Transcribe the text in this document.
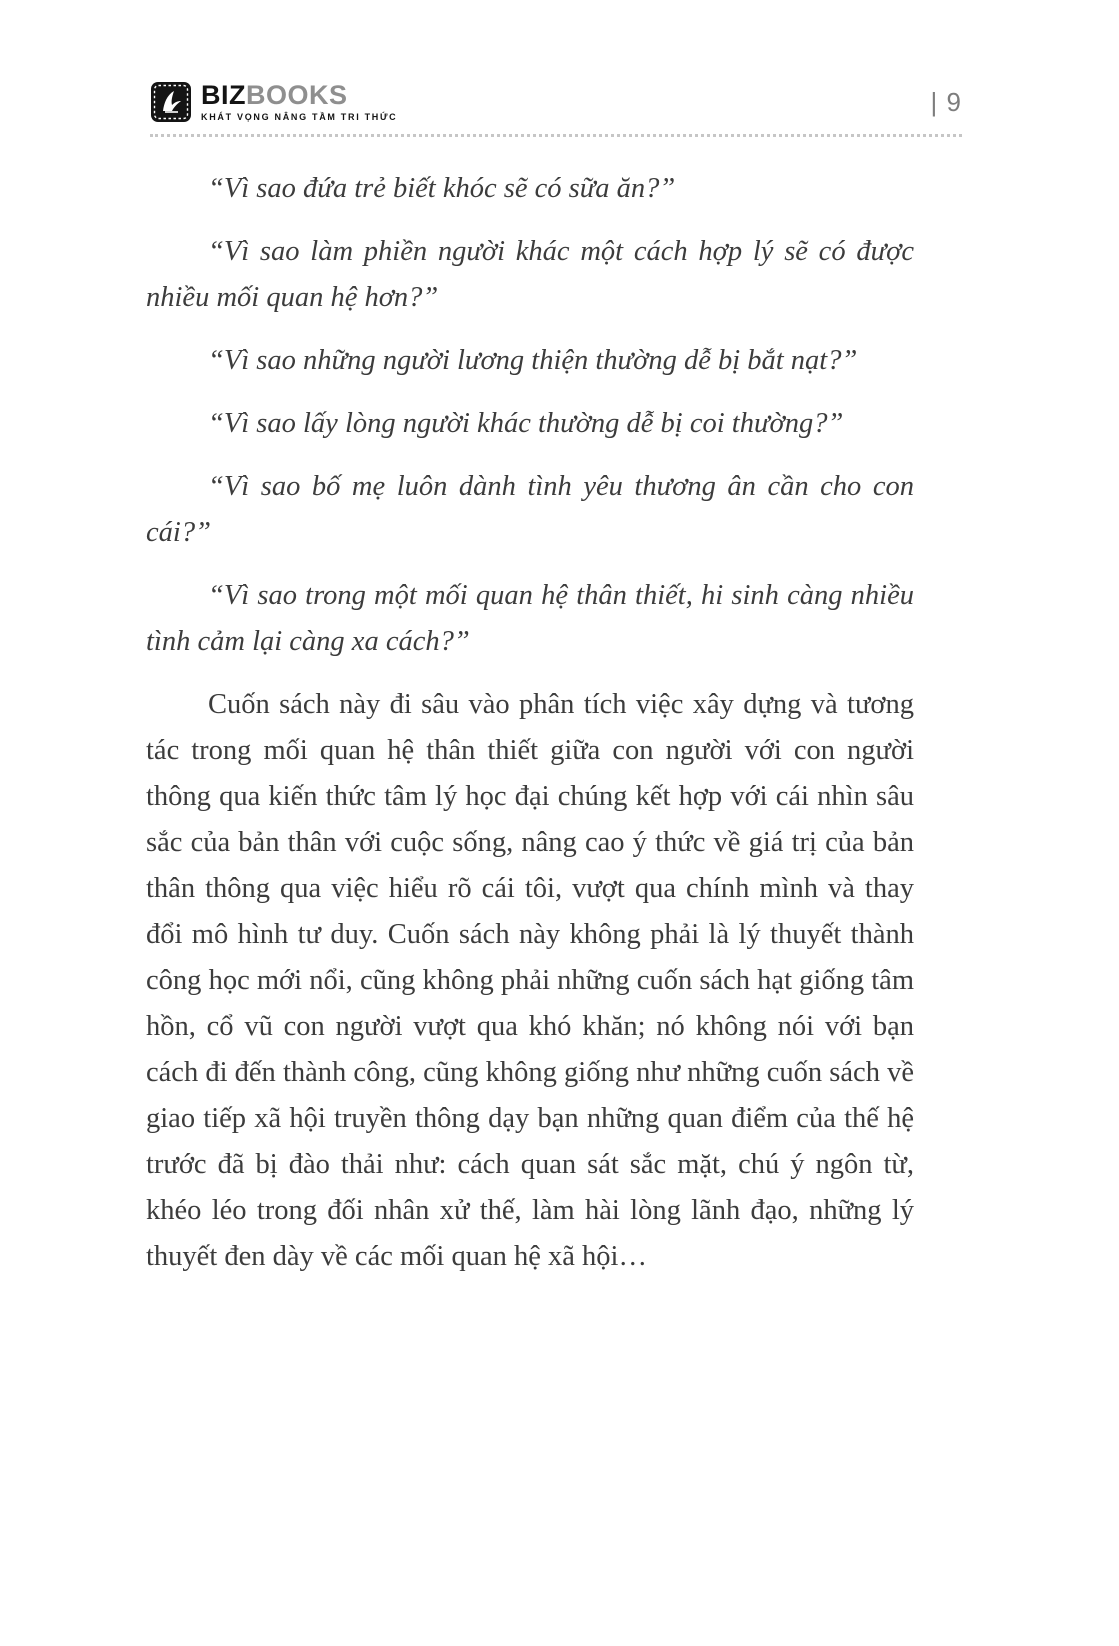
BIZBOOKS
KHÁT VỌNG NÂNG TẦM TRI THỨC
| 9

“Vì sao đứa trẻ biết khóc sẽ có sữa ăn?”

“Vì sao làm phiền người khác một cách hợp lý sẽ có được nhiều mối quan hệ hơn?”

“Vì sao những người lương thiện thường dễ bị bắt nạt?”

“Vì sao lấy lòng người khác thường dễ bị coi thường?”

“Vì sao bố mẹ luôn dành tình yêu thương ân cần cho con cái?”

“Vì sao trong một mối quan hệ thân thiết, hi sinh càng nhiều tình cảm lại càng xa cách?”

Cuốn sách này đi sâu vào phân tích việc xây dựng và tương tác trong mối quan hệ thân thiết giữa con người với con người thông qua kiến thức tâm lý học đại chúng kết hợp với cái nhìn sâu sắc của bản thân với cuộc sống, nâng cao ý thức về giá trị của bản thân thông qua việc hiểu rõ cái tôi, vượt qua chính mình và thay đổi mô hình tư duy. Cuốn sách này không phải là lý thuyết thành công học mới nổi, cũng không phải những cuốn sách hạt giống tâm hồn, cổ vũ con người vượt qua khó khăn; nó không nói với bạn cách đi đến thành công, cũng không giống như những cuốn sách về giao tiếp xã hội truyền thông dạy bạn những quan điểm của thế hệ trước đã bị đào thải như: cách quan sát sắc mặt, chú ý ngôn từ, khéo léo trong đối nhân xử thế, làm hài lòng lãnh đạo, những lý thuyết đen dày về các mối quan hệ xã hội…
